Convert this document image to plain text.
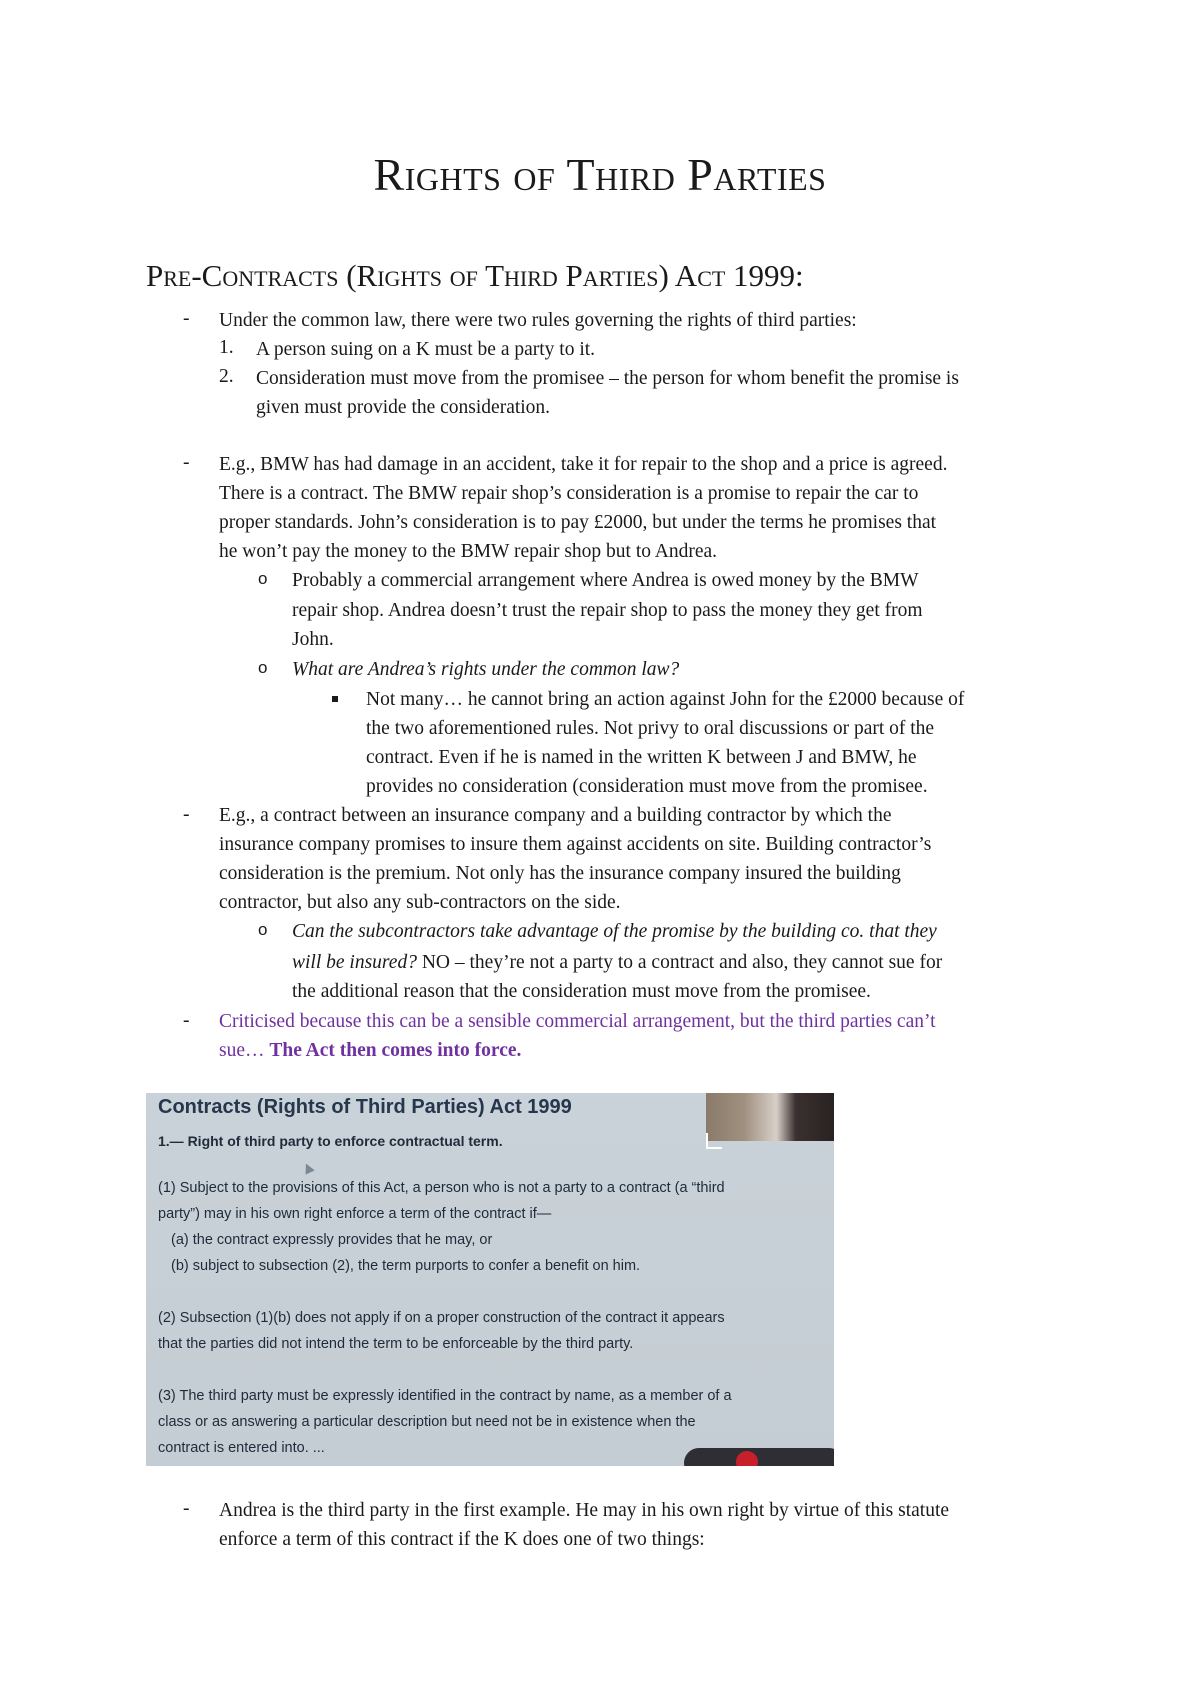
Rights of Third Parties
Pre-Contracts (Rights of Third Parties) Act 1999:
- Under the common law, there were two rules governing the rights of third parties:

1. A person suing on a K must be a party to it.

2. Consideration must move from the promisee – the person for whom benefit the promise is

given must provide the consideration.

- E.g., BMW has had damage in an accident, take it for repair to the shop and a price is agreed.

There is a contract. The BMW repair shop’s consideration is a promise to repair the car to

proper standards. John’s consideration is to pay £2000, but under the terms he promises that

he won’t pay the money to the BMW repair shop but to Andrea.

o Probably a commercial arrangement where Andrea is owed money by the BMW

repair shop. Andrea doesn’t trust the repair shop to pass the money they get from

John.

o What are Andrea’s rights under the common law?

Not many… he cannot bring an action against John for the £2000 because of

the two aforementioned rules. Not privy to oral discussions or part of the

contract. Even if he is named in the written K between J and BMW, he

provides no consideration (consideration must move from the promisee.

- E.g., a contract between an insurance company and a building contractor by which the

insurance company promises to insure them against accidents on site. Building contractor’s

consideration is the premium. Not only has the insurance company insured the building

contractor, but also any sub-contractors on the side.

o Can the subcontractors take advantage of the promise by the building co. that they

will be insured? NO – they’re not a party to a contract and also, they cannot sue for

the additional reason that the consideration must move from the promisee.

- Criticised because this can be a sensible commercial arrangement, but the third parties can’t

sue… The Act then comes into force.

Contracts (Rights of Third Parties) Act 1999
1.— Right of third party to enforce contractual term.
(1) Subject to the provisions of this Act, a person who is not a party to a contract (a “third
party”) may in his own right enforce a term of the contract if—
(a) the contract expressly provides that he may, or
(b) subject to subsection (2), the term purports to confer a benefit on him.
(2) Subsection (1)(b) does not apply if on a proper construction of the contract it appears
that the parties did not intend the term to be enforceable by the third party.
(3) The third party must be expressly identified in the contract by name, as a member of a
class or as answering a particular description but need not be in existence when the
contract is entered into. ...
- Andrea is the third party in the first example. He may in his own right by virtue of this statute

enforce a term of this contract if the K does one of two things:
